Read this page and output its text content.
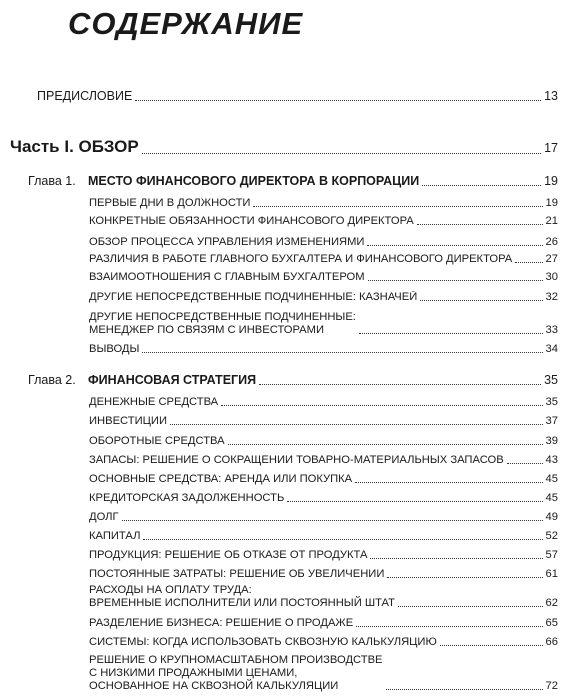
СОДЕРЖАНИЕ
ПРЕДИСЛОВИЕ	13
Часть I. ОБЗОР	17
Глава 1. МЕСТО ФИНАНСОВОГО ДИРЕКТОРА В КОРПОРАЦИИ	19
ПЕРВЫЕ ДНИ В ДОЛЖНОСТИ	19
КОНКРЕТНЫЕ ОБЯЗАННОСТИ ФИНАНСОВОГО ДИРЕКТОРА	21
ОБЗОР ПРОЦЕССА УПРАВЛЕНИЯ ИЗМЕНЕНИЯМИ	26
РАЗЛИЧИЯ В РАБОТЕ ГЛАВНОГО БУХГАЛТЕРА И ФИНАНСОВОГО ДИРЕКТОРА	27
ВЗАИМООТНОШЕНИЯ С ГЛАВНЫМ БУХГАЛТЕРОМ	30
ДРУГИЕ НЕПОСРЕДСТВЕННЫЕ ПОДЧИНЕННЫЕ: КАЗНАЧЕЙ	32
ДРУГИЕ НЕПОСРЕДСТВЕННЫЕ ПОДЧИНЕННЫЕ:
МЕНЕДЖЕР ПО СВЯЗЯМ С ИНВЕСТОРАМИ	33
ВЫВОДЫ	34
Глава 2. ФИНАНСОВАЯ СТРАТЕГИЯ	35
ДЕНЕЖНЫЕ СРЕДСТВА	35
ИНВЕСТИЦИИ	37
ОБОРОТНЫЕ СРЕДСТВА	39
ЗАПАСЫ: РЕШЕНИЕ О СОКРАЩЕНИИ ТОВАРНО-МАТЕРИАЛЬНЫХ ЗАПАСОВ	43
ОСНОВНЫЕ СРЕДСТВА: АРЕНДА ИЛИ ПОКУПКА	45
КРЕДИТОРСКАЯ ЗАДОЛЖЕННОСТЬ	45
ДОЛГ	49
КАПИТАЛ	52
ПРОДУКЦИЯ: РЕШЕНИЕ ОБ ОТКАЗЕ ОТ ПРОДУКТА	57
ПОСТОЯННЫЕ ЗАТРАТЫ: РЕШЕНИЕ ОБ УВЕЛИЧЕНИИ	61
РАСХОДЫ НА ОПЛАТУ ТРУДА:
ВРЕМЕННЫЕ ИСПОЛНИТЕЛИ ИЛИ ПОСТОЯННЫЙ ШТАТ	62
РАЗДЕЛЕНИЕ БИЗНЕСА: РЕШЕНИЕ О ПРОДАЖЕ	65
СИСТЕМЫ: КОГДА ИСПОЛЬЗОВАТЬ СКВОЗНУЮ КАЛЬКУЛЯЦИЮ	66
РЕШЕНИЕ О КРУПНОМАСШТАБНОМ ПРОИЗВОДСТВЕ
С НИЗКИМИ ПРОДАЖНЫМИ ЦЕНАМИ,
ОСНОВАННОЕ НА СКВОЗНОЙ КАЛЬКУЛЯЦИИ	72
